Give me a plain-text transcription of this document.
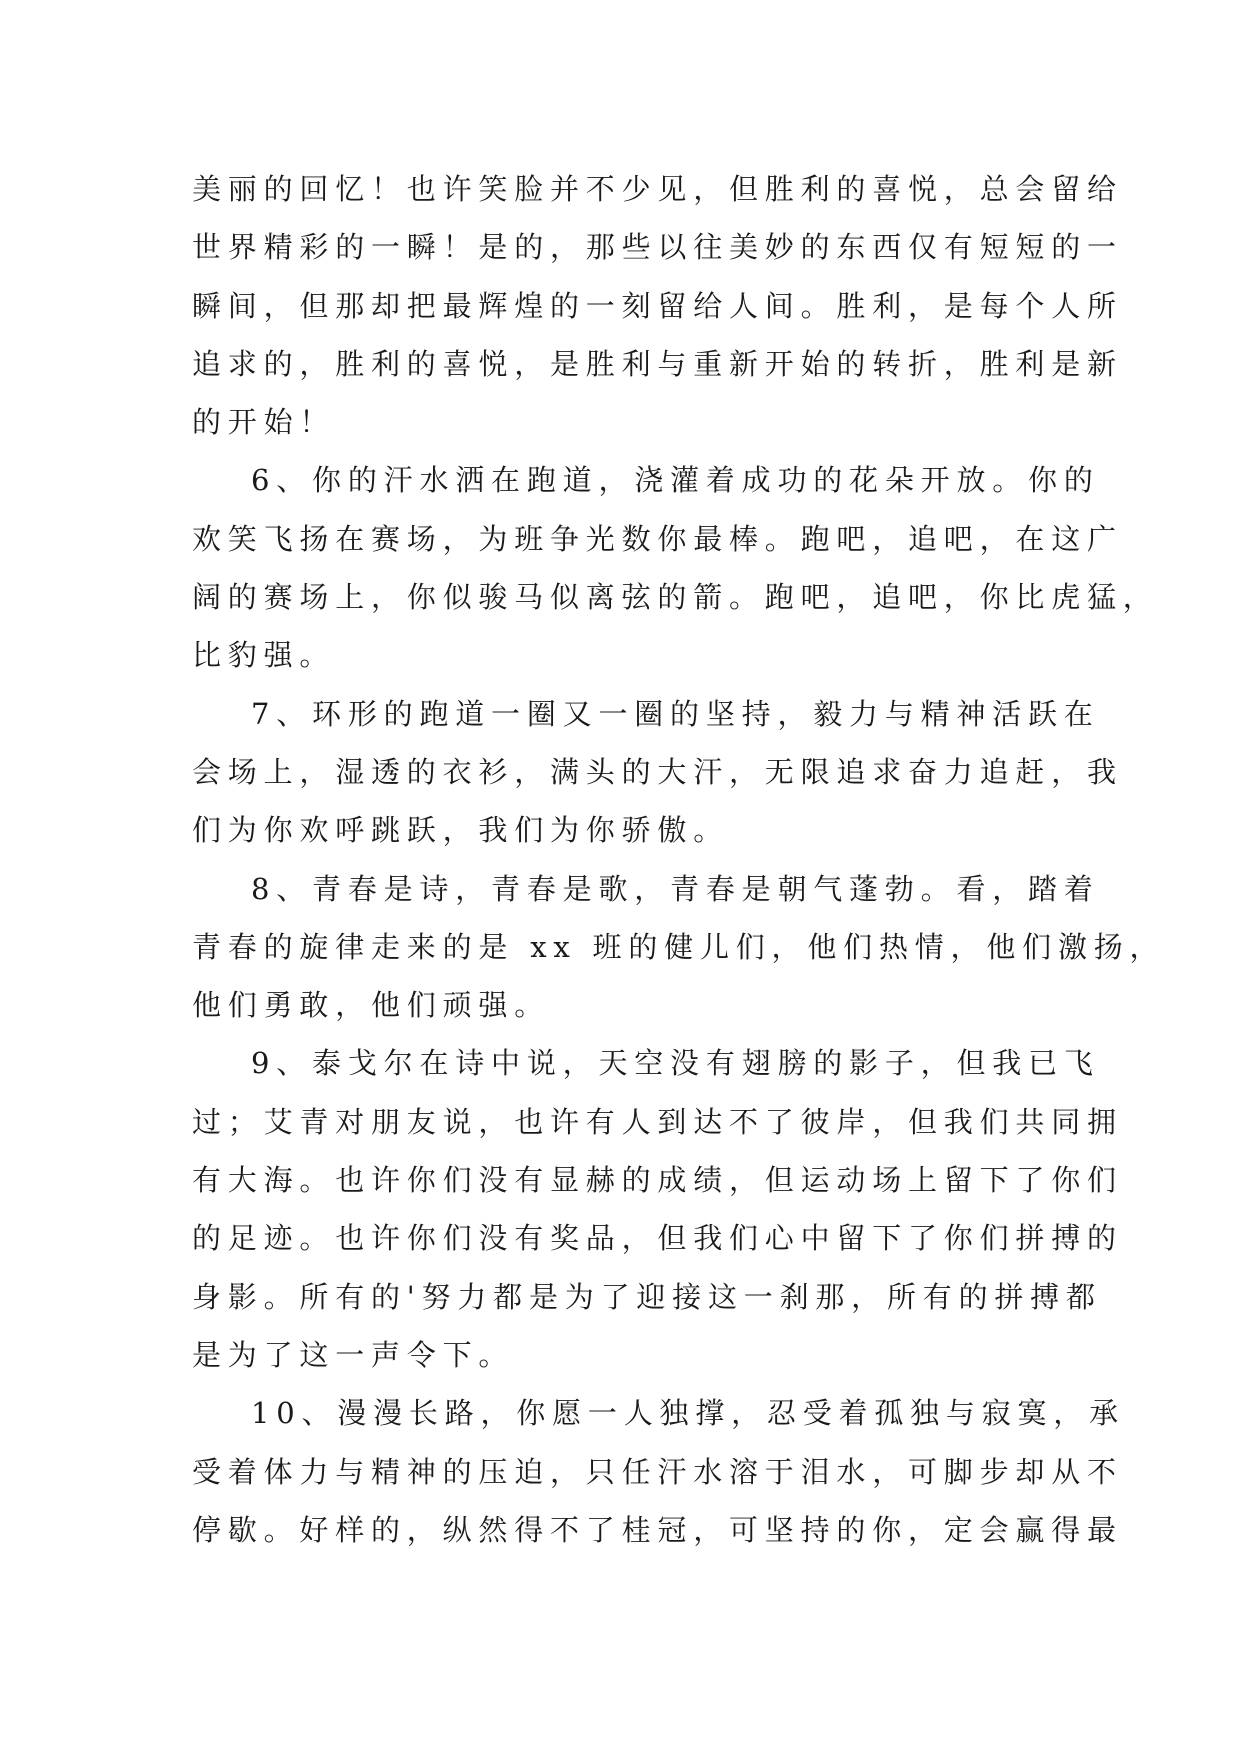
美丽的回忆！也许笑脸并不少见，但胜利的喜悦，总会留给
世界精彩的一瞬！是的，那些以往美妙的东西仅有短短的一
瞬间，但那却把最辉煌的一刻留给人间。胜利，是每个人所
追求的，胜利的喜悦，是胜利与重新开始的转折，胜利是新
的开始！
6、你的汗水洒在跑道，浇灌着成功的花朵开放。你的
欢笑飞扬在赛场，为班争光数你最棒。跑吧，追吧，在这广
阔的赛场上，你似骏马似离弦的箭。跑吧，追吧，你比虎猛，
比豹强。
7、环形的跑道一圈又一圈的坚持，毅力与精神活跃在
会场上，湿透的衣衫，满头的大汗，无限追求奋力追赶，我
们为你欢呼跳跃，我们为你骄傲。
8、青春是诗，青春是歌，青春是朝气蓬勃。看，踏着
青春的旋律走来的是 xx 班的健儿们，他们热情，他们激扬，
他们勇敢，他们顽强。
9、泰戈尔在诗中说，天空没有翅膀的影子，但我已飞
过；艾青对朋友说，也许有人到达不了彼岸，但我们共同拥
有大海。也许你们没有显赫的成绩，但运动场上留下了你们
的足迹。也许你们没有奖品，但我们心中留下了你们拼搏的
身影。所有的'努力都是为了迎接这一刹那，所有的拼搏都
是为了这一声令下。
10、漫漫长路，你愿一人独撑，忍受着孤独与寂寞，承
受着体力与精神的压迫，只任汗水溶于泪水，可脚步却从不
停歇。好样的，纵然得不了桂冠，可坚持的你，定会赢得最
